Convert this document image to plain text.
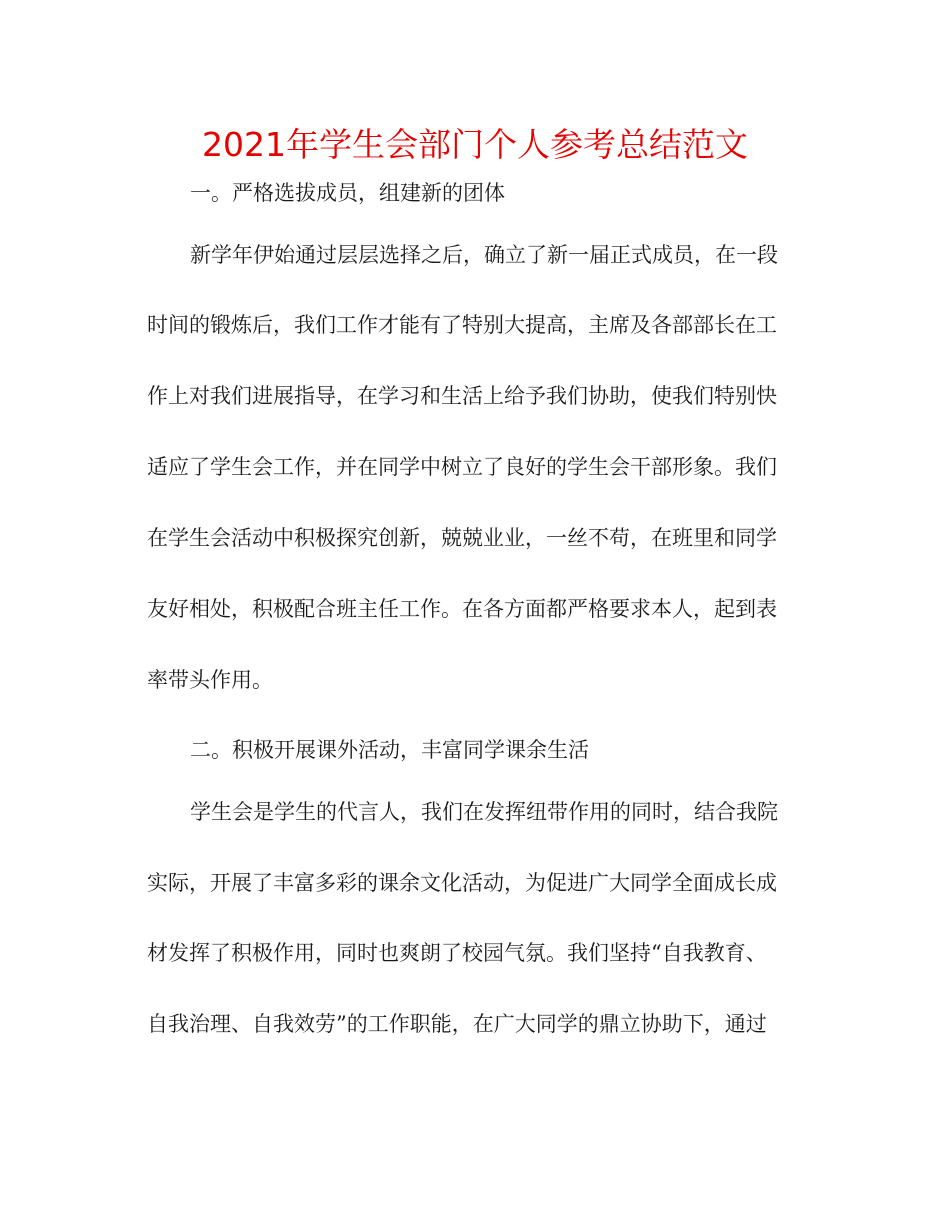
2021年学生会部门个人参考总结范文

一。严格选拔成员，组建新的团体

新学年伊始通过层层选择之后，确立了新一届正式成员，在一段

时间的锻炼后，我们工作才能有了特别大提高，主席及各部部长在工

作上对我们进展指导，在学习和生活上给予我们协助，使我们特别快

适应了学生会工作，并在同学中树立了良好的学生会干部形象。我们

在学生会活动中积极探究创新，兢兢业业，一丝不苟，在班里和同学

友好相处，积极配合班主任工作。在各方面都严格要求本人，起到表

率带头作用。

二。积极开展课外活动，丰富同学课余生活

学生会是学生的代言人，我们在发挥纽带作用的同时，结合我院

实际，开展了丰富多彩的课余文化活动，为促进广大同学全面成长成

材发挥了积极作用，同时也爽朗了校园气氛。我们坚持“自我教育、

自我治理、自我效劳”的工作职能，在广大同学的鼎立协助下，通过
